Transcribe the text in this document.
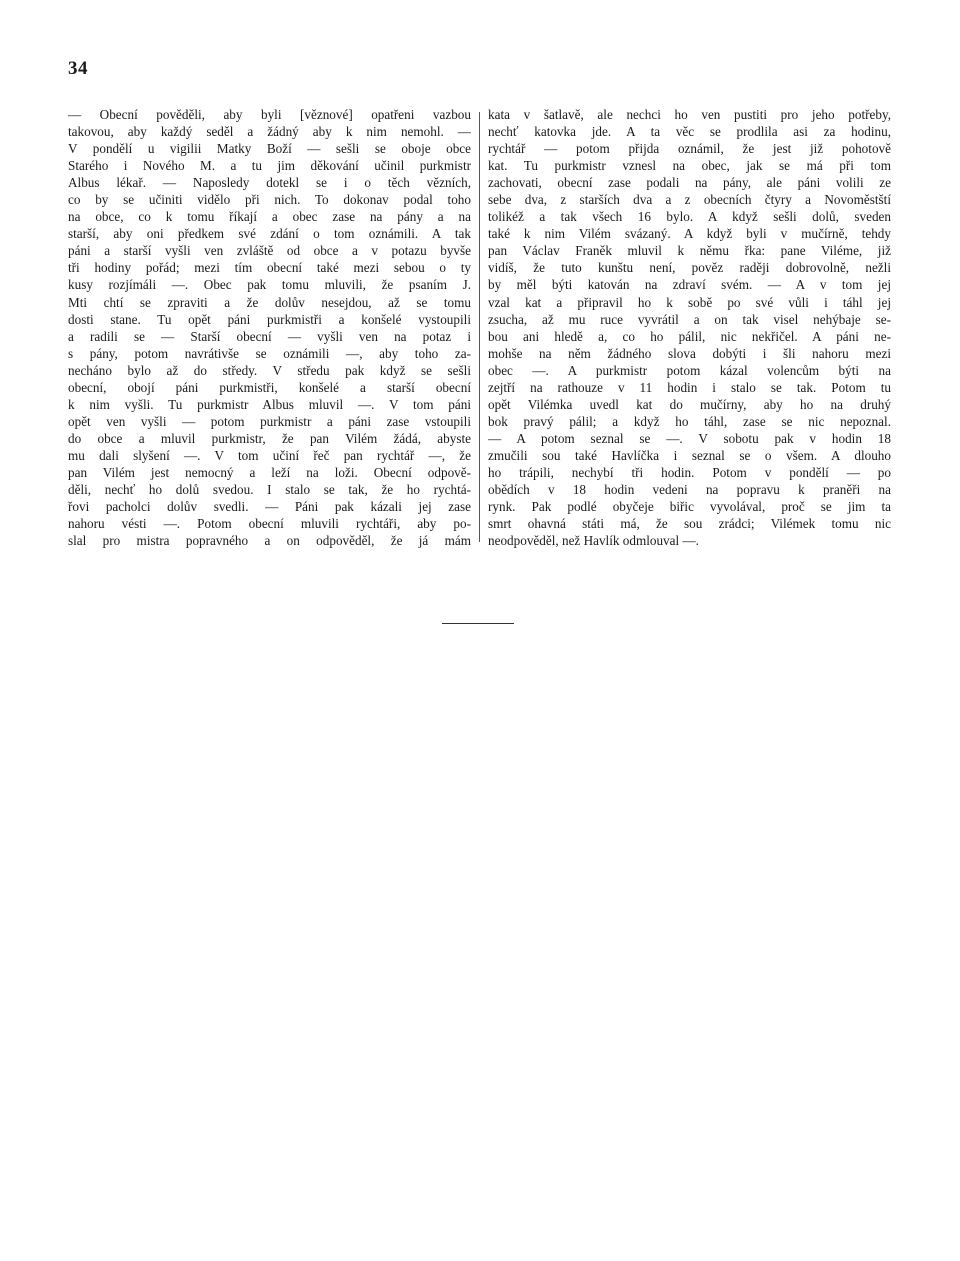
34
— Obecní pověděli, aby byli [věznové] opatřeni vazbou
takovou, aby každý seděl a žádný aby k nim nemohl. —
V pondělí u vigilii Matky Boží — sešli se oboje obce
Starého i Nového M. a tu jim děkování učinil purkmistr
Albus lékař. — Naposledy dotekl se i o těch vězních,
co by se učiniti vidělo při nich. To dokonav podal toho
na obce, co k tomu říkají a obec zase na pány a na
starší, aby oni předkem své zdání o tom oznámili. A tak
páni a starší vyšli ven zvláště od obce a v potazu byvše
tři hodiny pořád; mezi tím obecní také mezi sebou o ty
kusy rozjímáli —. Obec pak tomu mluvili, že psaním J.
Mti chtí se zpraviti a že dolův nesejdou, až se tomu
dosti stane. Tu opět páni purkmistři a konšelé vystoupili
a radili se — Starší obecní — vyšli ven na potaz i
s pány, potom navrátivše se oznámili —, aby toho za-
necháno bylo až do středy. V středu pak když se sešli
obecní, obojí páni purkmistři, konšelé a starší obecní
k nim vyšli. Tu purkmistr Albus mluvil —. V tom páni
opět ven vyšli — potom purkmistr a páni zase vstoupili
do obce a mluvil purkmistr, že pan Vilém žádá, abyste
mu dali slyšení —. V tom učiní řeč pan rychtář —, že
pan Vilém jest nemocný a leží na loži. Obecní odpově-
děli, nechť ho dolů svedou. I stalo se tak, že ho rychtá-
řovi pacholci dolův svedli. — Páni pak kázali jej zase
nahoru vésti —. Potom obecní mluvili rychtáři, aby po-
slal pro mistra popravného a on odpověděl, že já mám
kata v šatlavě, ale nechci ho ven pustiti pro jeho potřeby,
nechť katovka jde. A ta věc se prodlila asi za hodinu,
rychtář — potom přijda oznámil, že jest již pohotově
kat. Tu purkmistr vznesl na obec, jak se má při tom
zachovati, obecní zase podali na pány, ale páni volili ze
sebe dva, z starších dva a z obecních čtyry a Novoměstští
tolikéž a tak všech 16 bylo. A když sešli dolů, sveden
také k nim Vilém svázaný. A když byli v mučírně, tehdy
pan Václav Franěk mluvil k němu řka: pane Viléme, již
vidíš, že tuto kunštu není, pověz raději dobrovolně, nežli
by měl býti katován na zdraví svém. — A v tom jej
vzal kat a připravil ho k sobě po své vůli i táhl jej
zsucha, až mu ruce vyvrátil a on tak visel nehýbaje se-
bou ani hledě a, co ho pálil, nic nekřičel. A páni ne-
mohše na něm žádného slova dobýti i šli nahoru mezi
obec —. A purkmistr potom kázal volencům býti na
zejtří na rathouze v 11 hodin i stalo se tak. Potom tu
opět Vilémka uvedl kat do mučírny, aby ho na druhý
bok pravý pálil; a když ho táhl, zase se nic nepoznal.
— A potom seznal se —. V sobotu pak v hodin 18
zmučili sou také Havlíčka i seznal se o všem. A dlouho
ho trápili, nechybí tři hodin. Potom v pondělí — po
obědích v 18 hodin vedeni na popravu k praněři na
rynk. Pak podlé obyčeje biřic vyvolával, proč se jim ta
smrt ohavná státi má, že sou zrádci; Vilémek tomu nic
neodpověděl, než Havlík odmlouval —.
